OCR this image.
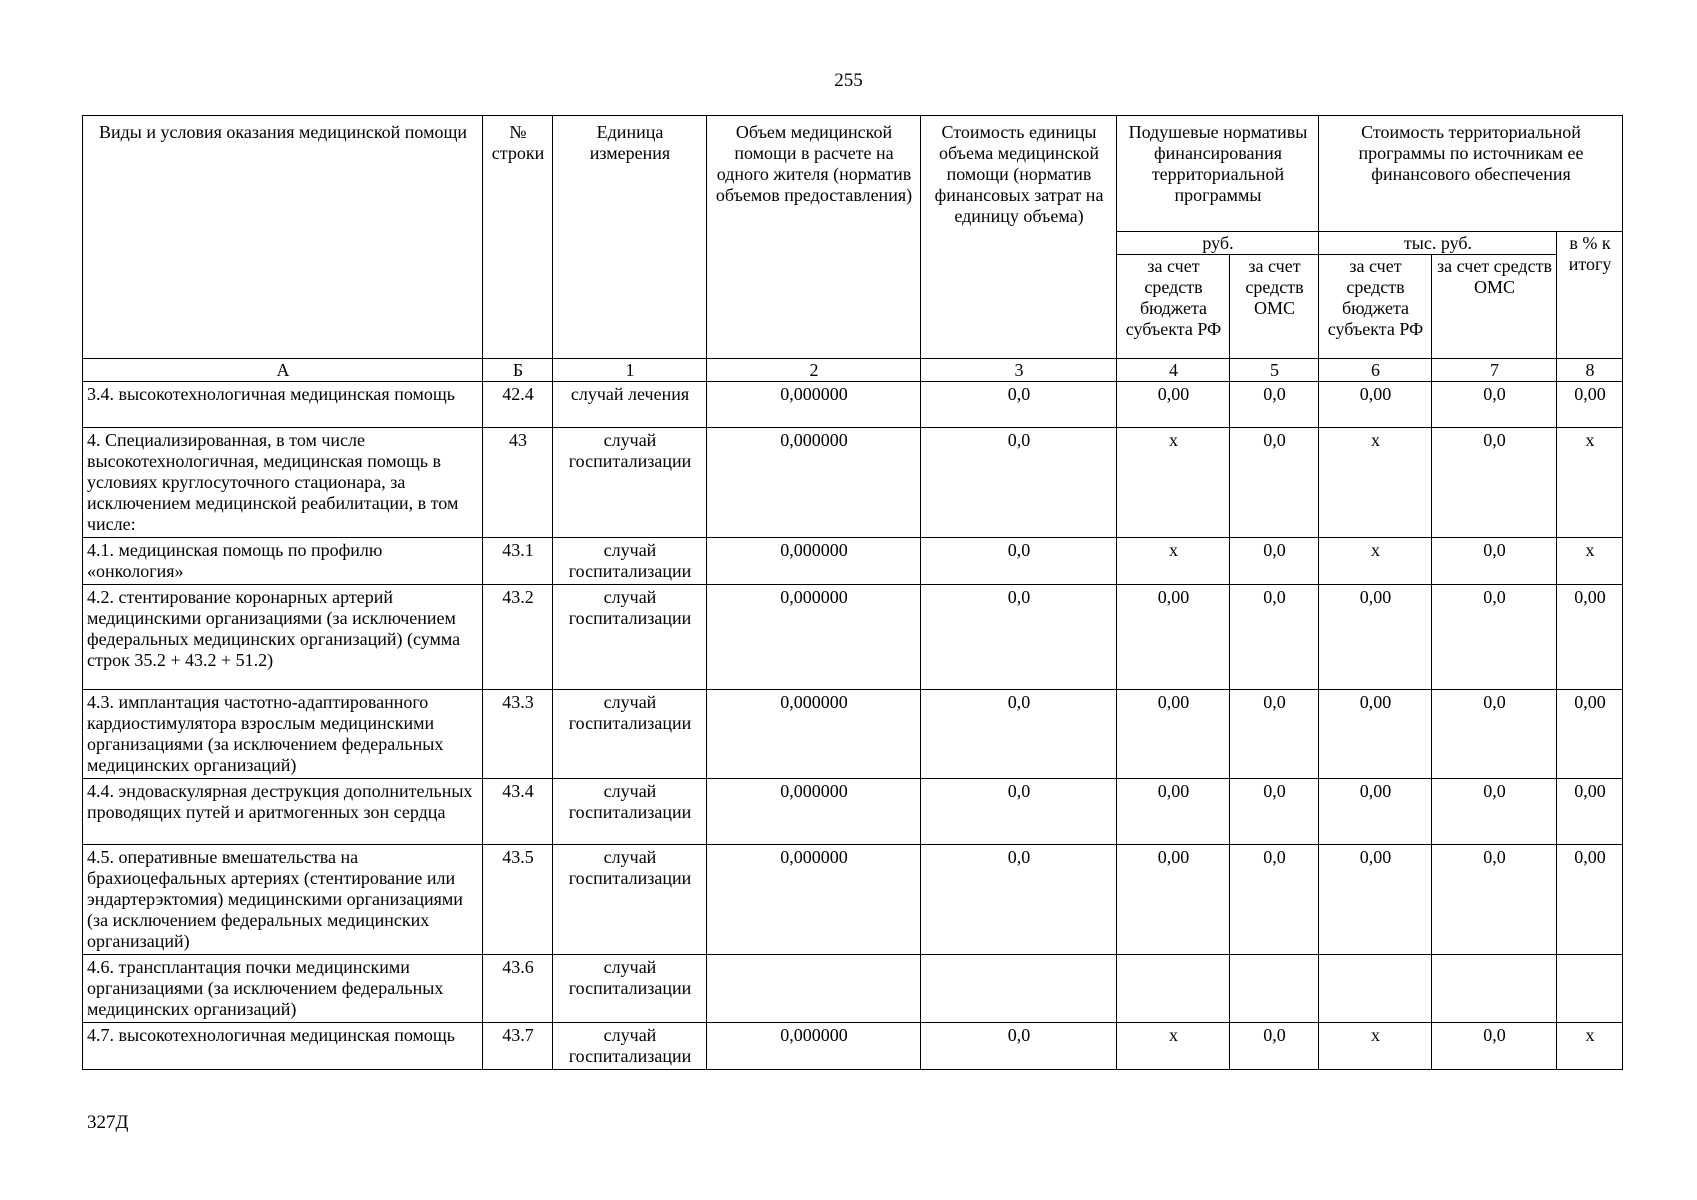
255
Виды и условия оказания медицинской помощи	№ строки	Единица измерения	Объем медицинской помощи в расчете на одного жителя (норматив объемов предоставления)	Стоимость единицы объема медицинской помощи (норматив финансовых затрат на единицу объема)	Подушевые нормативы финансирования территориальной программы		Стоимость территориальной программы по источникам ее финансового обеспечения		
					руб.		тыс. руб.		в % к итогу
					за счет средств бюджета субъекта РФ	за счет средств ОМС	за счет средств бюджета субъекта РФ	за счет средств ОМС	
А	Б	1	2	3	4	5	6	7	8
3.4. высокотехнологичная медицинская помощь	42.4	случай лечения	0,000000	0,0	0,00	0,0	0,00	0,0	0,00
4. Специализированная, в том числе высокотехнологичная, медицинская помощь в условиях круглосуточного стационара, за исключением медицинской реабилитации, в том числе:	43	случай госпитализации	0,000000	0,0	х	0,0	х	0,0	х
4.1. медицинская помощь по профилю «онкология»	43.1	случай госпитализации	0,000000	0,0	х	0,0	х	0,0	х
4.2. стентирование коронарных артерий медицинскими организациями (за исключением федеральных медицинских организаций) (сумма строк 35.2 + 43.2 + 51.2)	43.2	случай госпитализации	0,000000	0,0	0,00	0,0	0,00	0,0	0,00
4.3. имплантация частотно-адаптированного кардиостимулятора взрослым медицинскими организациями (за исключением федеральных медицинских организаций)	43.3	случай госпитализации	0,000000	0,0	0,00	0,0	0,00	0,0	0,00
4.4. эндоваскулярная деструкция дополнительных проводящих путей и аритмогенных зон сердца	43.4	случай госпитализации	0,000000	0,0	0,00	0,0	0,00	0,0	0,00
4.5. оперативные вмешательства на брахиоцефальных артериях (стентирование или эндартерэктомия) медицинскими организациями (за исключением федеральных медицинских организаций)	43.5	случай госпитализации	0,000000	0,0	0,00	0,0	0,00	0,0	0,00
4.6. трансплантация почки медицинскими организациями (за исключением федеральных медицинских организаций)	43.6	случай госпитализации							
4.7. высокотехнологичная медицинская помощь	43.7	случай госпитализации	0,000000	0,0	х	0,0	х	0,0	х
327Д
